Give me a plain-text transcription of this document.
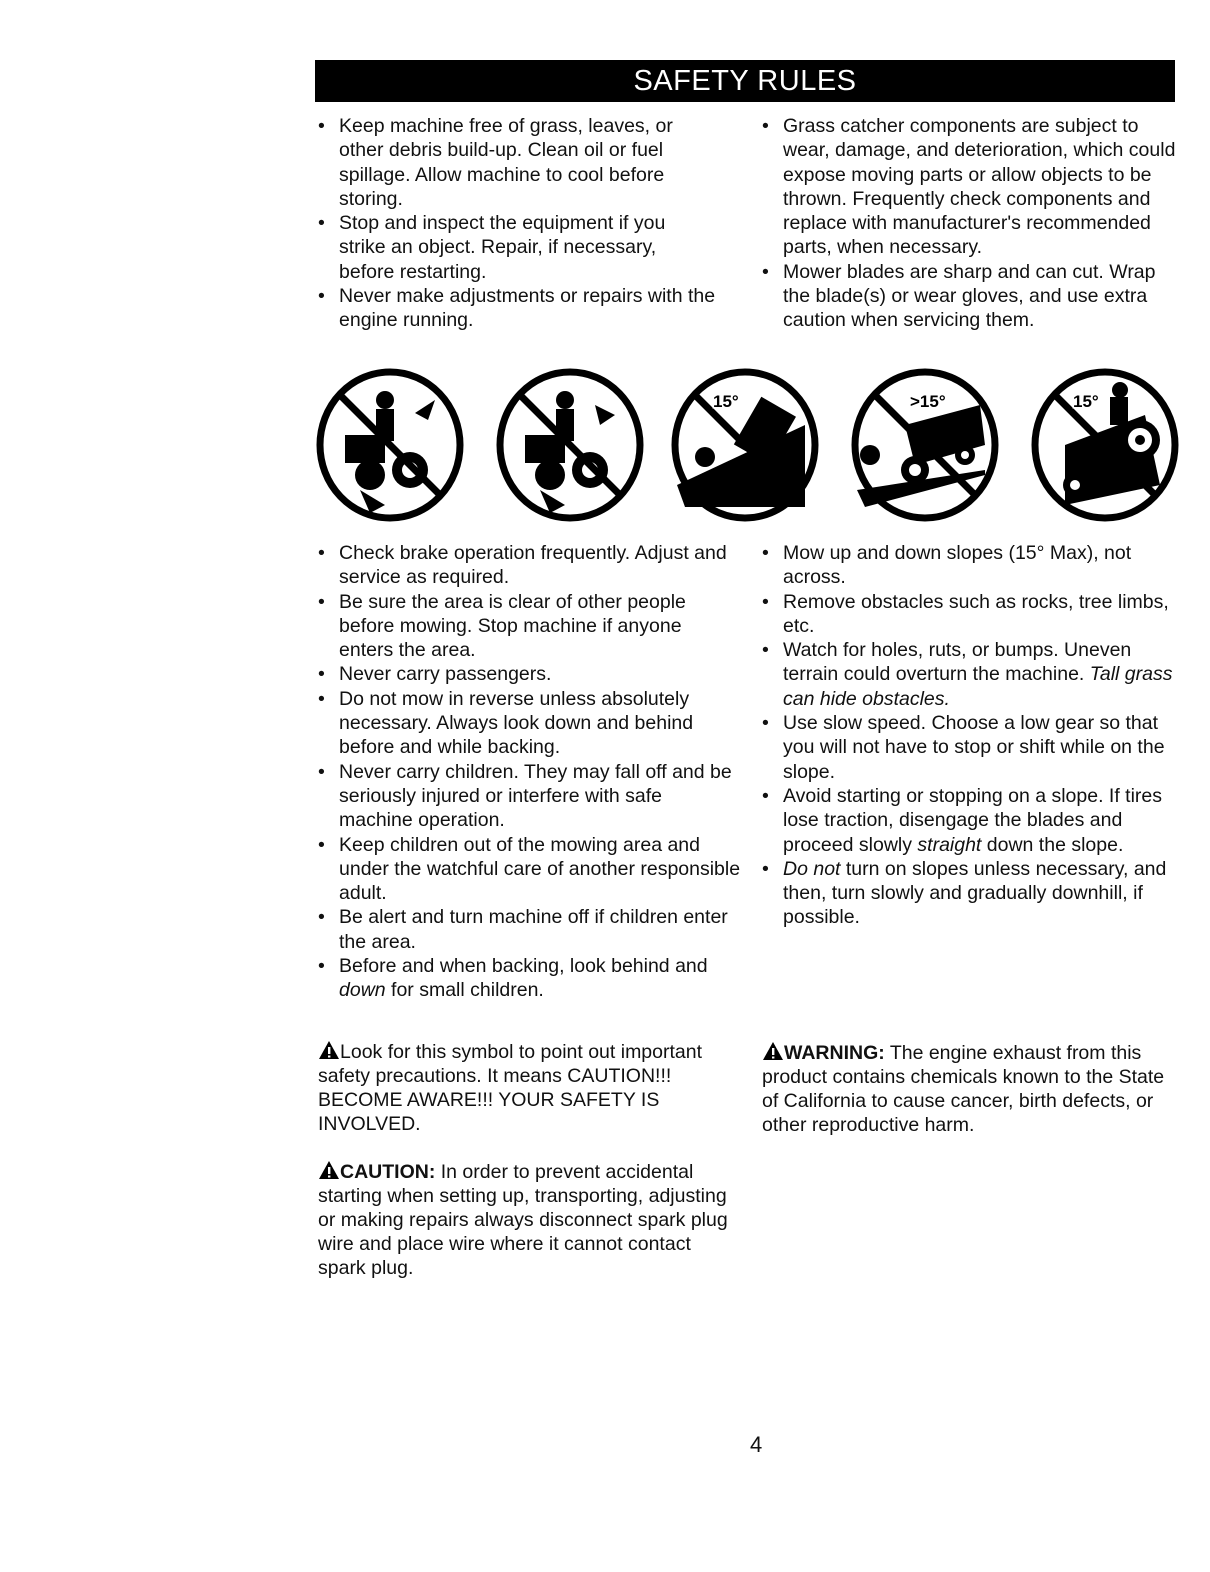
SAFETY RULES
• Keep machine free of grass, leaves, or other debris build-up. Clean oil or fuel spillage. Allow machine to cool before storing.
• Stop and inspect the equipment if you strike an object. Repair, if necessary, before restarting.
• Never make adjustments or repairs with the engine running.
• Grass catcher components are subject to wear, damage, and deterioration, which could expose moving parts or allow objects to be thrown. Frequently check components and replace with manufacturer's recommended parts, when necessary.
• Mower blades are sharp and can cut. Wrap the blade(s) or wear gloves, and use extra caution when servicing them.
15°	>15°	15°
• Check brake operation frequently. Adjust and service as required.
• Be sure the area is clear of other people before mowing. Stop machine if anyone enters the area.
• Never carry passengers.
• Do not mow in reverse unless absolutely necessary. Always look down and behind before and while backing.
• Never carry children. They may fall off and be seriously injured or interfere with safe machine operation.
• Keep children out of the mowing area and under the watchful care of another responsible adult.
• Be alert and turn machine off if children enter the area.
• Before and when backing, look behind and down for small children.
• Mow up and down slopes (15° Max), not across.
• Remove obstacles such as rocks, tree limbs, etc.
• Watch for holes, ruts, or bumps. Uneven terrain could overturn the machine. Tall grass can hide obstacles.
• Use slow speed. Choose a low gear so that you will not have to stop or shift while on the slope.
• Avoid starting or stopping on a slope. If tires lose traction, disengage the blades and proceed slowly straight down the slope.
• Do not turn on slopes unless necessary, and then, turn slowly and gradually downhill, if possible.
Look for this symbol to point out important safety precautions. It means CAUTION!!! BECOME AWARE!!! YOUR SAFETY IS INVOLVED.
WARNING: The engine exhaust from this product contains chemicals known to the State of California to cause cancer, birth defects, or other reproductive harm.
CAUTION: In order to prevent accidental starting when setting up, transporting, adjusting or making repairs always disconnect spark plug wire and place wire where it cannot contact spark plug.
4
